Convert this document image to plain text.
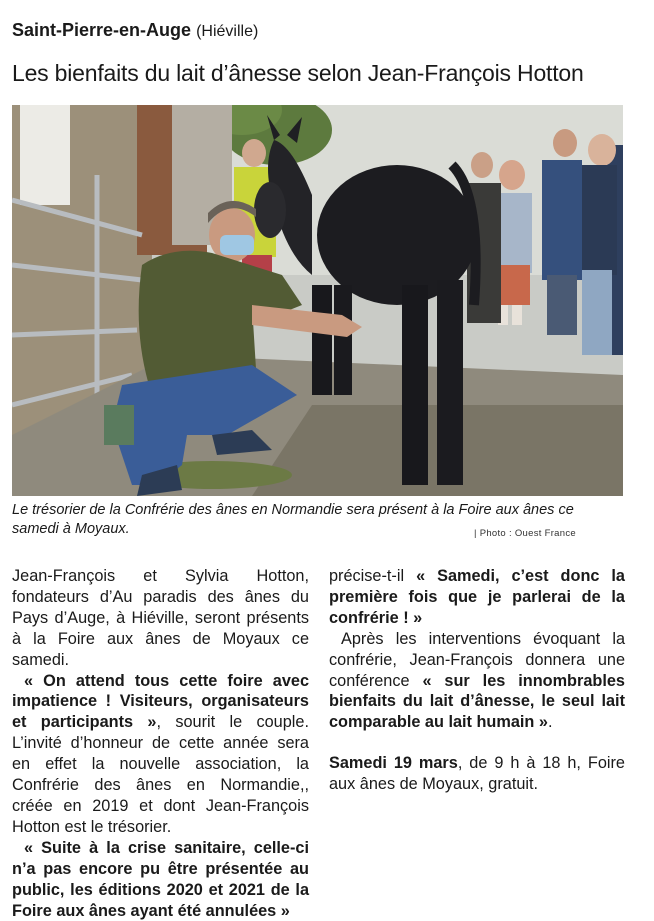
Saint-Pierre-en-Auge (Hiéville)
Les bienfaits du lait d’ânesse selon Jean-François Hotton
Le trésorier de la Confrérie des ânes en Normandie sera présent à la Foire aux ânes ce samedi à Moyaux.	| Photo : Ouest France

Jean-François et Sylvia Hotton, fondateurs d’Au paradis des ânes du Pays d’Auge, à Hiéville, seront présents à la Foire aux ânes de Moyaux ce samedi.

« On attend tous cette foire avec impatience ! Visiteurs, organisateurs et participants », sourit le couple. L’invité d’honneur de cette année sera en effet la nouvelle association, la Confrérie des ânes en Normandie,, créée en 2019 et dont Jean-François Hotton est le trésorier.

« Suite à la crise sanitaire, celle-ci n’a pas encore pu être présentée au public, les éditions 2020 et 2021 de la Foire aux ânes ayant été annulées »

précise-t-il « Samedi, c’est donc la première fois que je parlerai de la confrérie ! »

Après les interventions évoquant la confrérie, Jean-François donnera une conférence « sur les innombrables bienfaits du lait d’ânesse, le seul lait comparable au lait humain ».

Samedi 19 mars, de 9 h à 18 h, Foire aux ânes de Moyaux, gratuit.
